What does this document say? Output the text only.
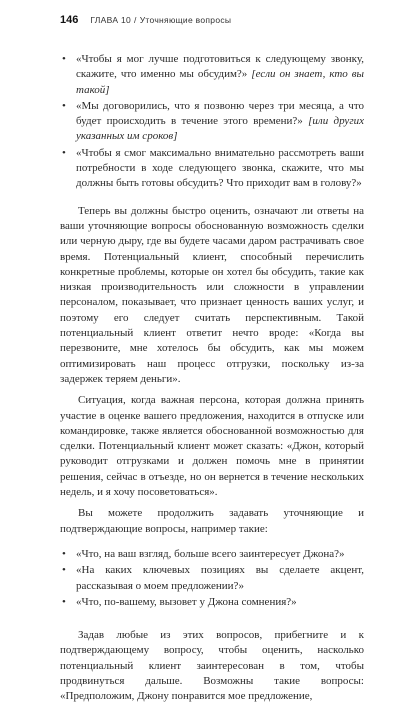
146 ГЛАВА 10 / Уточняющие вопросы
• «Чтобы я мог лучше подготовиться к следующему звонку, скажите, что именно мы обсудим?» [если он знает, кто вы такой]
• «Мы договорились, что я позвоню через три месяца, а что будет происходить в течение этого времени?» [или других указанных им сроков]
• «Чтобы я смог максимально внимательно рассмотреть ваши потребности в ходе следующего звонка, скажите, что мы должны быть готовы обсудить? Что приходит вам в голову?»

Теперь вы должны быстро оценить, означают ли ответы на ваши уточняющие вопросы обоснованную возможность сделки или черную дыру, где вы будете часами даром растрачивать свое время. Потенциальный клиент, способный перечислить конкретные проблемы, которые он хотел бы обсудить, такие как низкая производительность или сложности в управлении персоналом, показывает, что признает ценность ваших услуг, и поэтому его следует считать перспективным. Такой потенциальный клиент ответит нечто вроде: «Когда вы перезвоните, мне хотелось бы обсудить, как мы можем оптимизировать наш процесс отгрузки, поскольку из-за задержек теряем деньги».

Ситуация, когда важная персона, которая должна принять участие в оценке вашего предложения, находится в отпуске или командировке, также является обоснованной возможностью для сделки. Потенциальный клиент может сказать: «Джон, который руководит отгрузками и должен помочь мне в принятии решения, сейчас в отъезде, но он вернется в течение нескольких недель, и я хочу посоветоваться».

Вы можете продолжить задавать уточняющие и подтверждающие вопросы, например такие:

• «Что, на ваш взгляд, больше всего заинтересует Джона?»
• «На каких ключевых позициях вы сделаете акцент, рассказывая о моем предложении?»
• «Что, по-вашему, вызовет у Джона сомнения?»

Задав любые из этих вопросов, прибегните и к подтверждающему вопросу, чтобы оценить, насколько потенциальный клиент заинтересован в том, чтобы продвинуться дальше. Возможны такие вопросы: «Предположим, Джону понравится мое предложение,
